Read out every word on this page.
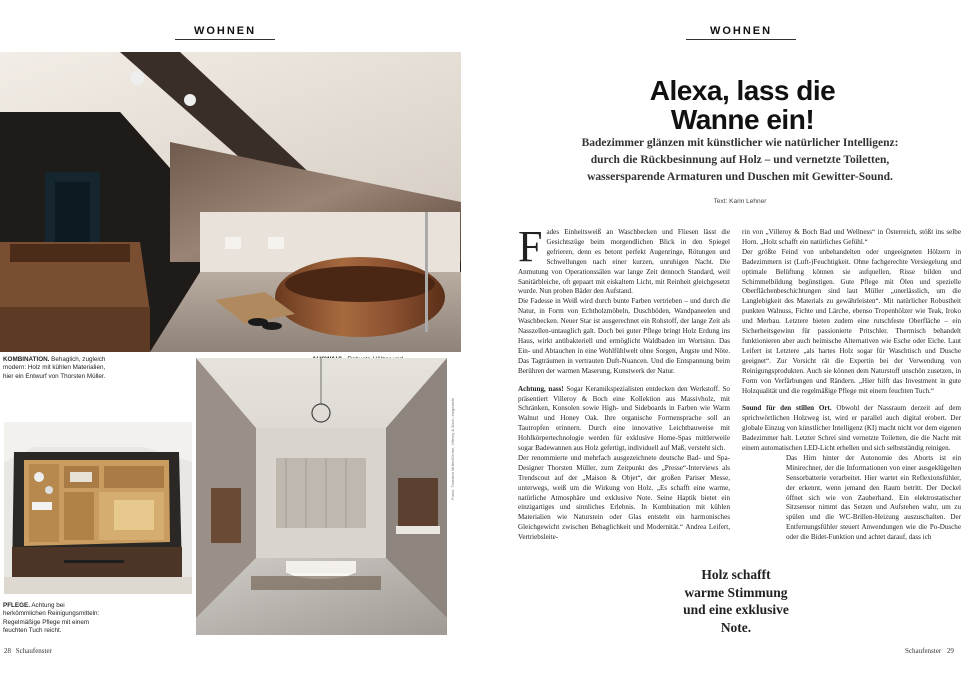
WOHNEN
KOMBINATION. Behaglich, zugleich modern: Holz mit kühlen Materialien, hier ein Entwurf von Thorsten Müller.
PFLEGE. Achtung bei herkömmlichen Reinigungsmitteln: Regelmäßige Pflege mit einem feuchten Tuch reicht.
Fotos: Thorsten Müller/Grohe, Villeroy & Boch, beigestellt
28 Schaufenster
WOHNEN
Alexa, lass die
Wanne ein!
Badezimmer glänzen mit künstlicher wie natürlicher Intelligenz:
durch die Rückbesinnung auf Holz – und vernetzte Toiletten,
wassersparende Armaturen und Duschen mit Gewitter-Sound.
Text: Karin Lehner

Fades Einheitsweiß an Waschbecken und Fliesen lässt die Gesichtszüge beim morgendlichen Blick in den Spiegel gefrieren, denn es betont perfekt Augenringe, Rötungen und Schwellungen nach einer kurzen, unruhigen Nacht. Die Anmutung von Operationssälen war lange Zeit dennoch Standard, weil Sanitärbleiche, oft gepaart mit eiskaltem Licht, mit Reinheit gleichgesetzt wurde. Nun proben Bäder den Aufstand.

Die Fadesse in Weiß wird durch bunte Farben vertrieben – und durch die Natur, in Form von Echtholzmöbeln, Duschböden, Wandpaneelen und Waschbecken. Neuer Star ist ausgerechnet ein Rohstoff, der lange Zeit als Nasszellen-untauglich galt. Doch bei guter Pflege bringt Holz Erdung ins Haus, wirkt antibakteriell und ermöglicht Waldbaden im Wortsinn. Das Ein- und Abtauchen in eine Wohlfühlwelt ohne Sorgen, Ängste und Nöte. Das Tagträumen in vertrauten Duft-Nuancen. Und die Entspannung beim Berühren der warmen Maserung, Kunstwerk der Natur.

Achtung, nass! Sogar Keramikspezialisten entdecken den Werkstoff. So präsentiert Villeroy & Boch eine Kollektion aus Massivholz, mit Schränken, Konsolen sowie High- und Sideboards in Farben wie Warm Walnut und Honey Oak. Ihre organische Formensprache soll an Tautropfen erinnern. Durch eine innovative Leichtbauweise mit Hohlkörpertechnologie werden für exklusive Home-Spas mittlerweile sogar Badewannen aus Holz gefertigt, individuell auf Maß, versteht sich.

Der renommierte und mehrfach ausgezeichnete deutsche Bad- und Spa-Designer Thorsten Müller, zum Zeitpunkt des „Presse“-Interviews als Trendscout auf der „Maison & Objet“, der großen Pariser Messe, unterwegs, weiß um die Wirkung von Holz. „Es schafft eine warme, natürliche Atmosphäre und exklusive Note. Seine Haptik bietet ein einzigartiges und sinnliches Erlebnis. In Kombination mit kühlen Materialien wie Naturstein oder Glas entsteht ein harmonisches Gleichgewicht zwischen Behaglichkeit und Modernität.“ Andrea Leifert, Vertriebsleite-

rin von „Villeroy & Boch Bad und Wellness“ in Österreich, stößt ins selbe Horn. „Holz schafft ein natürliches Gefühl.“

Der größte Feind von unbehandelten oder ungeeigneten Hölzern in Badezimmern ist (Luft-)Feuchtigkeit. Ohne fachgerechte Versiegelung und optimale Belüftung können sie aufquellen, Risse bilden und Schimmelbildung begünstigen. Gute Pflege mit Ölen und spezielle Oberflächenbeschichtungen sind laut Müller „unerlässlich, um die Langlebigkeit des Materials zu gewährleisten“. Mit natürlicher Robustheit punkten Walnuss, Fichte und Lärche, ebenso Tropenhölzer wie Teak, Iroko und Merbau. Letztere bieten zudem eine rutschfeste Oberfläche – ein Sicherheitsgewinn für passionierte Pritschler. Thermisch behandelt funktionieren aber auch heimische Alternativen wie Esche oder Eiche. Laut Leifert ist Letztere „als hartes Holz sogar für Waschtisch und Dusche geeignet“. Zur Vorsicht rät die Expertin bei der Verwendung von Reinigungsprodukten. Auch sie können dem Naturstoff unschön zusetzen, in Form von Verfärbungen und Rändern. „Hier hilft das Investment in gute Holzqualität und die regelmäßige Pflege mit einem feuchten Tuch.“

Sound für den stillen Ort. Obwohl der Nassraum derzeit auf dem sprichwörtlichen Holzweg ist, wird er parallel auch digital erobert. Der globale Einzug von künstlicher Intelligenz (KI) macht nicht vor dem eigenen Badezimmer halt. Letzter Schrei sind vernetzte Toiletten, die die Nacht mit einem automatischen LED-Licht erhellen und sich selbstständig reinigen.

Das Hirn hinter der Autonomie des Aborts ist ein Minirechner, der die Informationen von einer ausgeklügelten Sensorbatterie verarbeitet. Hier wartet ein Reflexionsfühler, der erkennt, wenn jemand den Raum betritt. Der Deckel öffnet sich wie von Zauberhand. Ein elektrostatischer Sitzsensor nimmt das Setzen und Aufstehen wahr, um zu spülen und die WC-Brillen-Heizung auszuschalten. Der Entfernungsfühler steuert Anwendungen wie die Po-Dusche oder die Bidet-Funktion und achtet darauf, dass ich

Holz schafft
warme Stimmung
und eine exklusive
Note.
Schaufenster 29
